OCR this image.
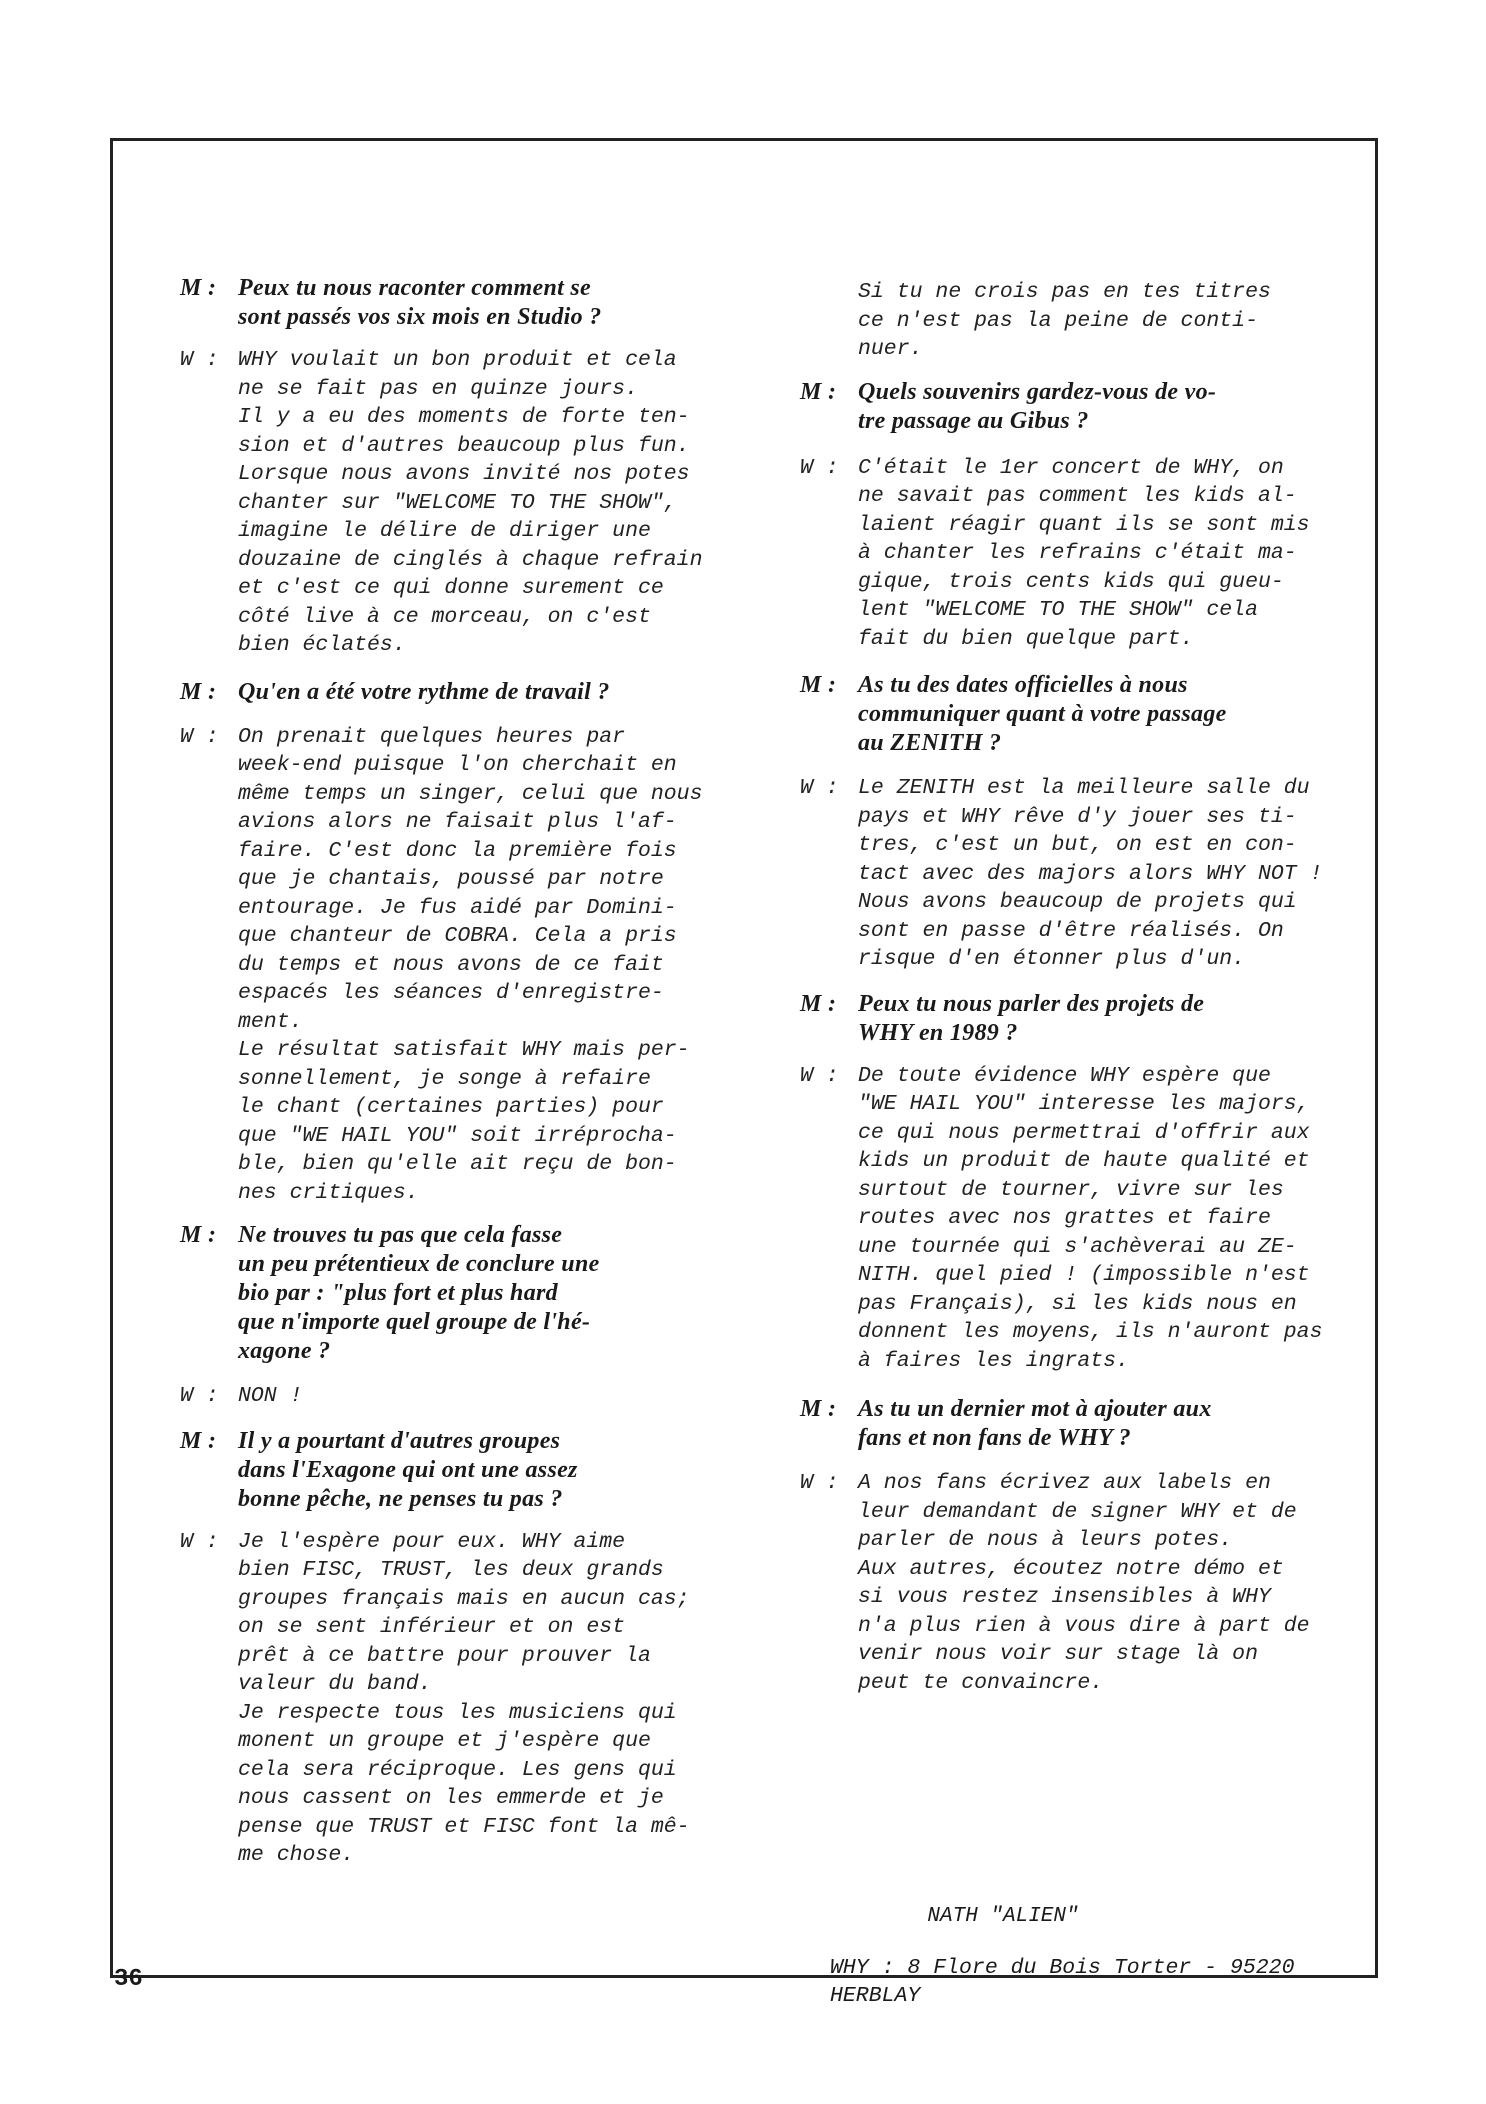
M : Peux tu nous raconter comment se
sont passés vos six mois en Studio ?
W : WHY voulait un bon produit et cela
ne se fait pas en quinze jours.
Il y a eu des moments de forte ten-
sion et d'autres beaucoup plus fun.
Lorsque nous avons invité nos potes
chanter sur "WELCOME TO THE SHOW",
imagine le délire de diriger une
douzaine de cinglés à chaque refrain
et c'est ce qui donne surement ce
côté live à ce morceau, on c'est
bien éclatés.
M : Qu'en a été votre rythme de travail ?
W : On prenait quelques heures par
week-end puisque l'on cherchait en
même temps un singer, celui que nous
avions alors ne faisait plus l'af-
faire. C'est donc la première fois
que je chantais, poussé par notre
entourage. Je fus aidé par Domini-
que chanteur de COBRA. Cela a pris
du temps et nous avons de ce fait
espacés les séances d'enregistre-
ment.
Le résultat satisfait WHY mais per-
sonnellement, je songe à refaire
le chant (certaines parties) pour
que "WE HAIL YOU" soit irréprocha-
ble, bien qu'elle ait reçu de bon-
nes critiques.
M : Ne trouves tu pas que cela fasse
un peu prétentieux de conclure une
bio par : "plus fort et plus hard
que n'importe quel groupe de l'hé-
xagone ?
W : NON !
M : Il y a pourtant d'autres groupes
dans l'Exagone qui ont une assez
bonne pêche, ne penses tu pas ?
W : Je l'espère pour eux. WHY aime
bien FISC, TRUST, les deux grands
groupes français mais en aucun cas;
on se sent inférieur et on est
prêt à ce battre pour prouver la
valeur du band.
Je respecte tous les musiciens qui
monent un groupe et j'espère que
cela sera réciproque. Les gens qui
nous cassent on les emmerde et je
pense que TRUST et FISC font la mê-
me chose.
Si tu ne crois pas en tes titres
ce n'est pas la peine de conti-
nuer.
M : Quels souvenirs gardez-vous de vo-
tre passage au Gibus ?
W : C'était le 1er concert de WHY, on
ne savait pas comment les kids al-
laient réagir quant ils se sont mis
à chanter les refrains c'était ma-
gique, trois cents kids qui gueu-
lent "WELCOME TO THE SHOW" cela
fait du bien quelque part.
M : As tu des dates officielles à nous
communiquer quant à votre passage
au ZENITH ?
W : Le ZENITH est la meilleure salle du
pays et WHY rêve d'y jouer ses ti-
tres, c'est un but, on est en con-
tact avec des majors alors WHY NOT !
Nous avons beaucoup de projets qui
sont en passe d'être réalisés. On
risque d'en étonner plus d'un.
M : Peux tu nous parler des projets de
WHY en 1989 ?
W : De toute évidence WHY espère que
"WE HAIL YOU" interesse les majors,
ce qui nous permettrai d'offrir aux
kids un produit de haute qualité et
surtout de tourner, vivre sur les
routes avec nos grattes et faire
une tournée qui s'achèverai au ZE-
NITH. quel pied ! (impossible n'est
pas Français), si les kids nous en
donnent les moyens, ils n'auront pas
à faires les ingrats.
M : As tu un dernier mot à ajouter aux
fans et non fans de WHY ?
W : A nos fans écrivez aux labels en
leur demandant de signer WHY et de
parler de nous à leurs potes.
Aux autres, écoutez notre démo et
si vous restez insensibles à WHY
n'a plus rien à vous dire à part de
venir nous voir sur stage là on
peut te convaincre.
NATH "ALIEN"
WHY : 8 Flore du Bois Torter - 95220
HERBLAY
36
